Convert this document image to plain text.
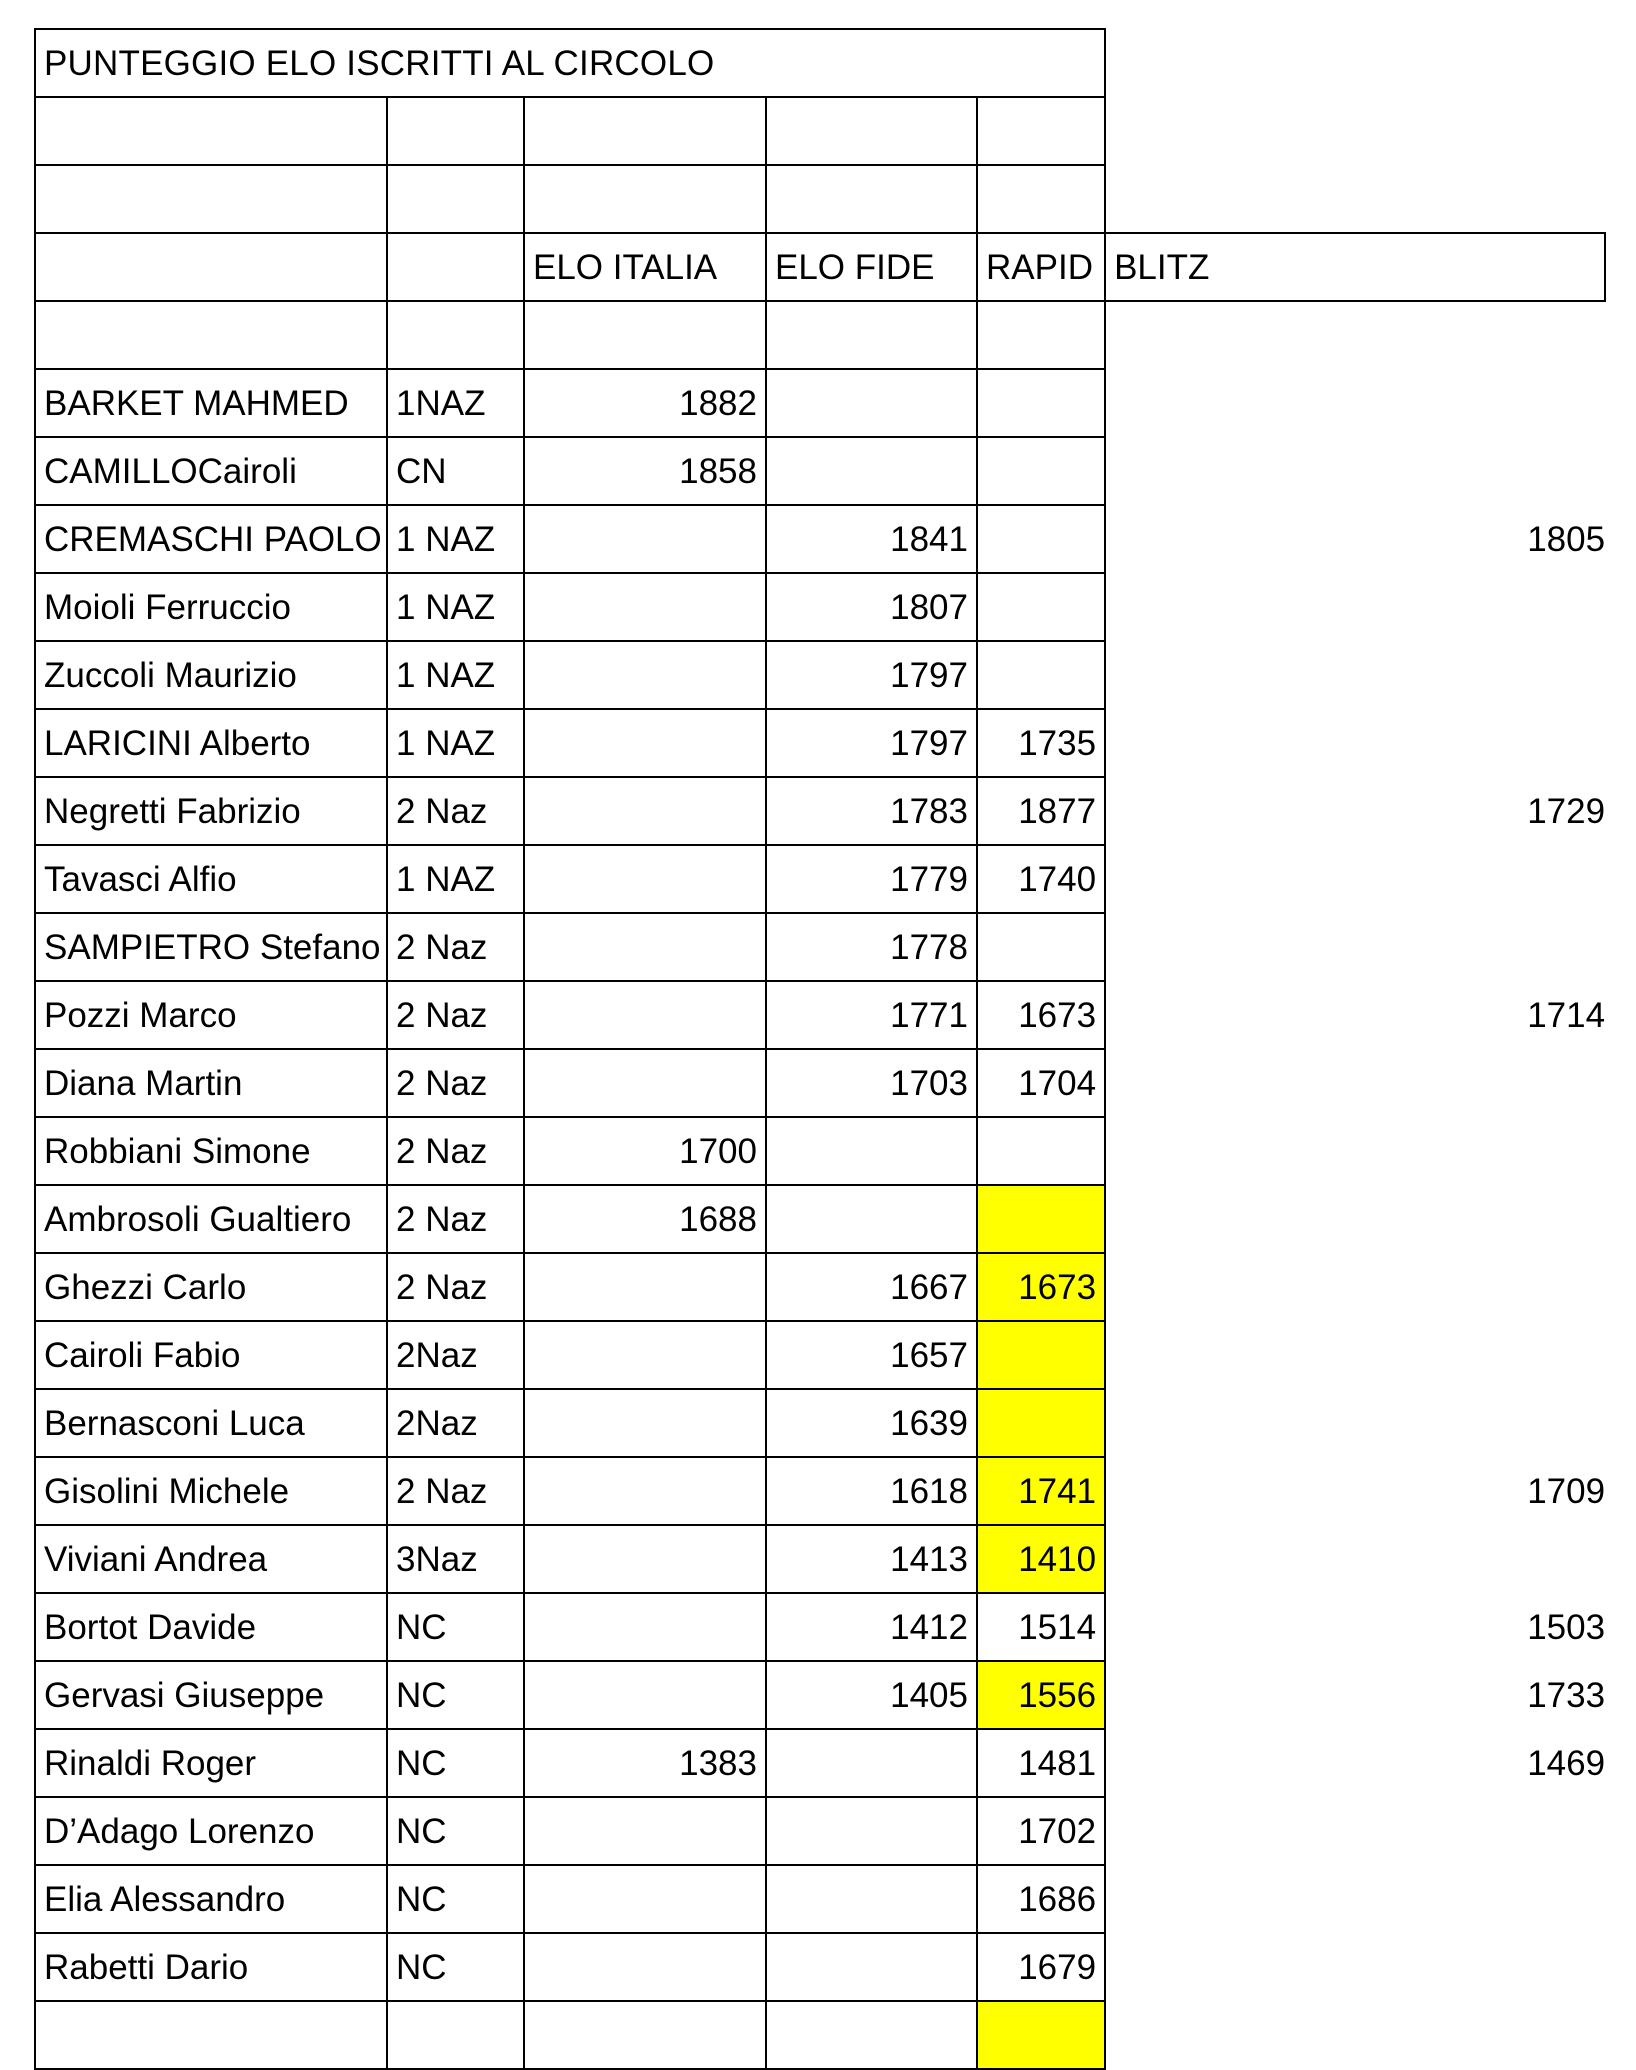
PUNTEGGIO ELO ISCRITTI AL CIRCOLO					

		ELO ITALIA	ELO FIDE	RAPID	BLITZ

BARKET MAHMED	1NAZ	1882			
CAMILLOCairoli	CN	1858			
CREMASCHI PAOLO	1 NAZ		1841		1805
Moioli Ferruccio	1 NAZ		1807		
Zuccoli Maurizio	1 NAZ		1797		
LARICINI Alberto	1 NAZ		1797	1735	
Negretti Fabrizio	2 Naz		1783	1877	1729
Tavasci Alfio	1 NAZ		1779	1740	
SAMPIETRO Stefano	2 Naz		1778		
Pozzi Marco	2 Naz		1771	1673	1714
Diana Martin	2 Naz		1703	1704	
Robbiani Simone	2 Naz	1700			
Ambrosoli Gualtiero	2 Naz	1688			
Ghezzi Carlo	2 Naz		1667	1673	
Cairoli Fabio	2Naz		1657		
Bernasconi Luca	2Naz		1639		
Gisolini Michele	2 Naz		1618	1741	1709
Viviani Andrea	3Naz		1413	1410	
Bortot Davide	NC		1412	1514	1503
Gervasi Giuseppe	NC		1405	1556	1733
Rinaldi Roger	NC	1383		1481	1469
D’Adago Lorenzo	NC			1702	
Elia Alessandro	NC			1686	
Rabetti Dario	NC			1679	
